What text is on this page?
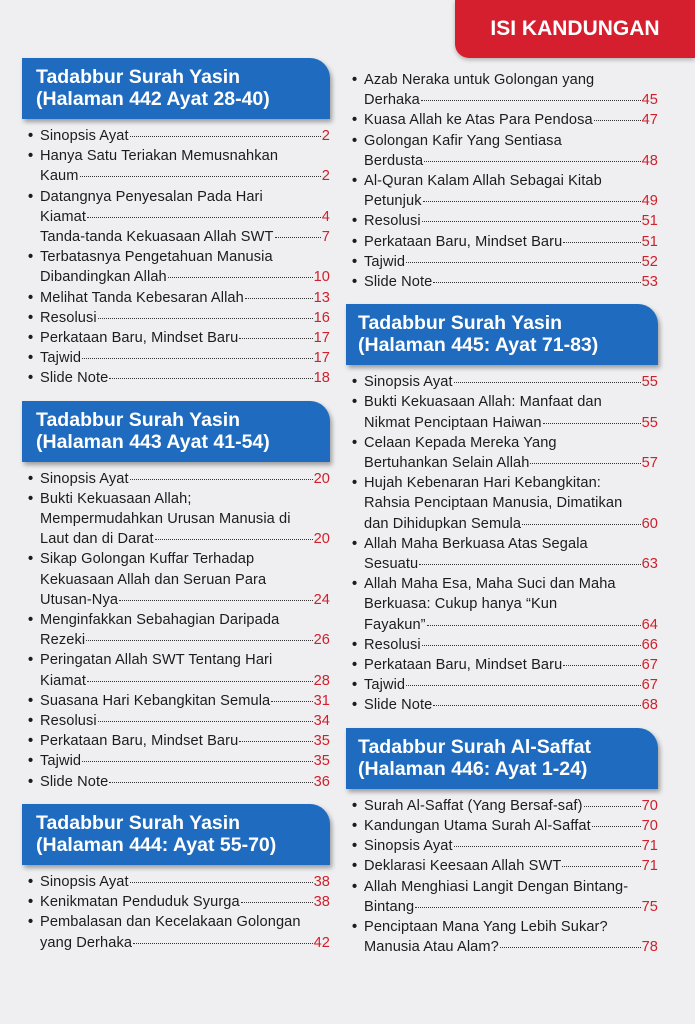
ISI KANDUNGAN
Tadabbur Surah Yasin
(Halaman 442 Ayat 28-40)
• Sinopsis Ayat	2
• Hanya Satu Teriakan Memusnahkan
Kaum	2
• Datangnya Penyesalan Pada Hari
Kiamat	4
Tanda-tanda Kekuasaan Allah SWT	7
• Terbatasnya Pengetahuan Manusia
Dibandingkan Allah	10
• Melihat Tanda Kebesaran Allah	13
• Resolusi	16
• Perkataan Baru, Mindset Baru	17
• Tajwid	17
• Slide Note	18
Tadabbur Surah Yasin
(Halaman 443 Ayat 41-54)
• Sinopsis Ayat	20
• Bukti Kekuasaan Allah;
Mempermudahkan Urusan Manusia di
Laut dan di Darat	20
• Sikap Golongan Kuffar Terhadap
Kekuasaan Allah dan Seruan Para
Utusan-Nya	24
• Menginfakkan Sebahagian Daripada
Rezeki	26
• Peringatan Allah SWT Tentang Hari
Kiamat	28
• Suasana Hari Kebangkitan Semula	31
• Resolusi	34
• Perkataan Baru, Mindset Baru	35
• Tajwid	35
• Slide Note	36
Tadabbur Surah Yasin
(Halaman 444: Ayat 55-70)
• Sinopsis Ayat	38
• Kenikmatan Penduduk Syurga	38
• Pembalasan dan Kecelakaan Golongan
yang Derhaka	42
• Azab Neraka untuk Golongan yang
Derhaka	45
• Kuasa Allah ke Atas Para Pendosa	47
• Golongan Kafir Yang Sentiasa
Berdusta	48
• Al-Quran Kalam Allah Sebagai Kitab
Petunjuk	49
• Resolusi	51
• Perkataan Baru, Mindset Baru	51
• Tajwid	52
• Slide Note	53
Tadabbur Surah Yasin
(Halaman 445: Ayat 71-83)
• Sinopsis Ayat	55
• Bukti Kekuasaan Allah: Manfaat dan
Nikmat Penciptaan Haiwan	55
• Celaan Kepada Mereka Yang
Bertuhankan Selain Allah	57
• Hujah Kebenaran Hari Kebangkitan:
Rahsia Penciptaan Manusia, Dimatikan
dan Dihidupkan Semula	60
• Allah Maha Berkuasa Atas Segala
Sesuatu	63
• Allah Maha Esa, Maha Suci dan Maha
Berkuasa: Cukup hanya “Kun
Fayakun”	64
• Resolusi	66
• Perkataan Baru, Mindset Baru	67
• Tajwid	67
• Slide Note	68
Tadabbur Surah Al-Saffat
(Halaman 446: Ayat 1-24)
• Surah Al-Saffat (Yang Bersaf-saf)	70
• Kandungan Utama Surah Al-Saffat	70
• Sinopsis Ayat	71
• Deklarasi Keesaan Allah SWT	71
• Allah Menghiasi Langit Dengan Bintang-
Bintang	75
• Penciptaan Mana Yang Lebih Sukar?
Manusia Atau Alam?	78
